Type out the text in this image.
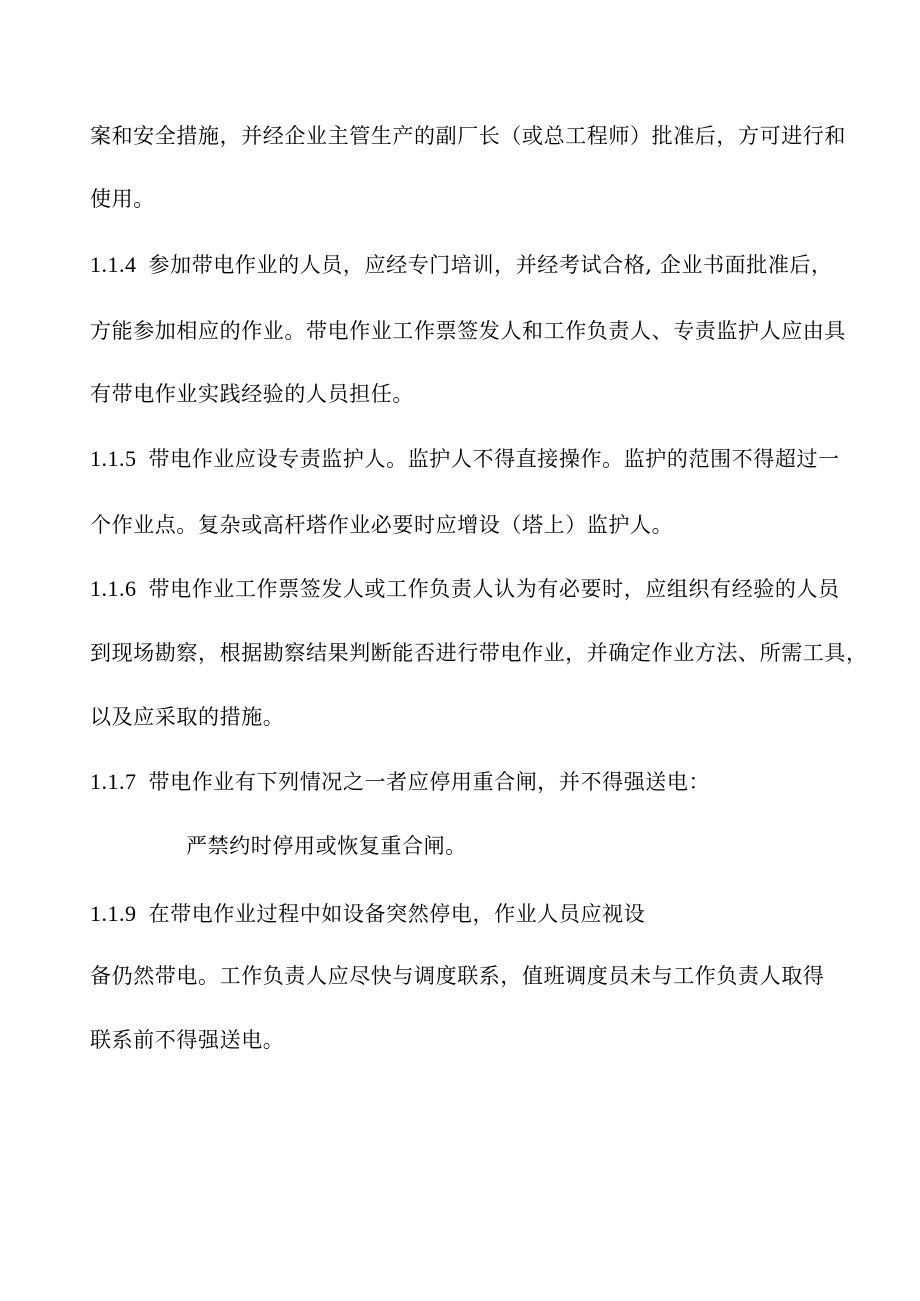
案和安全措施，并经企业主管生产的副厂长（或总工程师）批准后，方可进行和
使用。
1.1.4 参加带电作业的人员，应经专门培训，并经考试合格, 企业书面批准后，
方能参加相应的作业。带电作业工作票签发人和工作负责人、专责监护人应由具
有带电作业实践经验的人员担任。
1.1.5 带电作业应设专责监护人。监护人不得直接操作。监护的范围不得超过一
个作业点。复杂或高杆塔作业必要时应增设（塔上）监护人。
1.1.6 带电作业工作票签发人或工作负责人认为有必要时，应组织有经验的人员
到现场勘察，根据勘察结果判断能否进行带电作业，并确定作业方法、所需工具，
以及应采取的措施。
1.1.7 带电作业有下列情况之一者应停用重合闸，并不得强送电：
严禁约时停用或恢复重合闸。
1.1.9 在带电作业过程中如设备突然停电，作业人员应视设
备仍然带电。工作负责人应尽快与调度联系，值班调度员未与工作负责人取得
联系前不得强送电。
